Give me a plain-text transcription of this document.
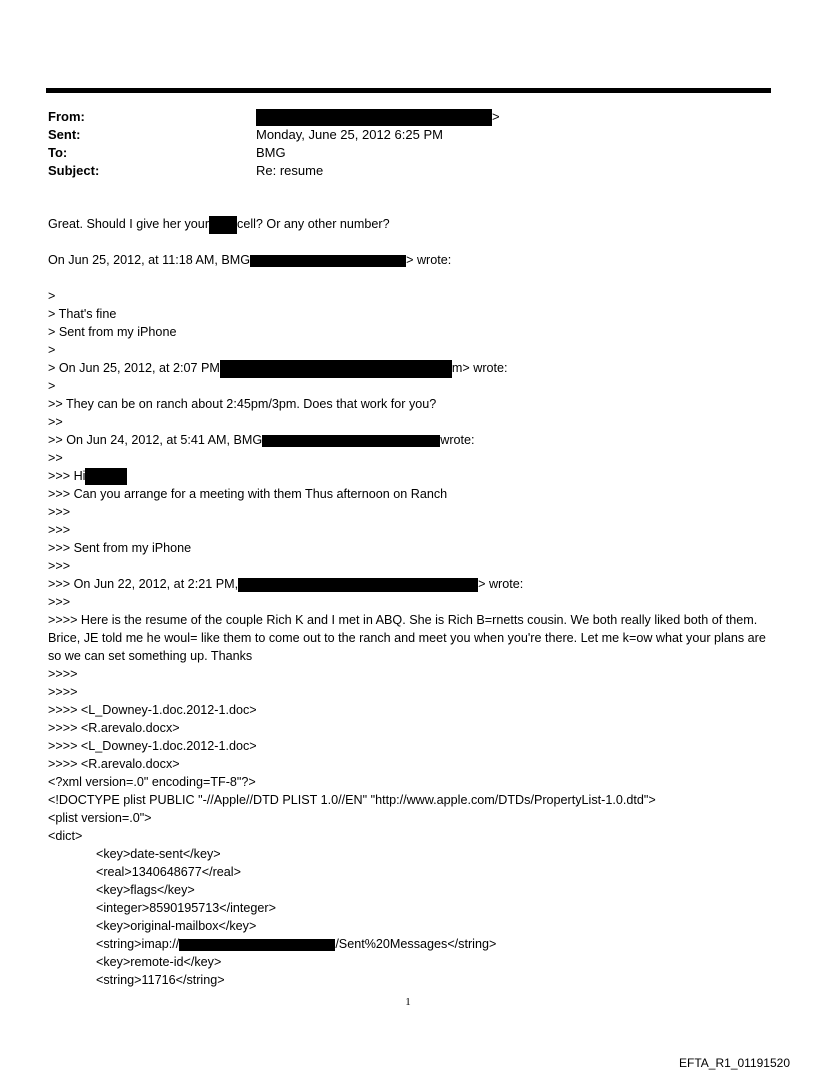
From:	>
Sent:	Monday, June 25, 2012 6:25 PM
To:	BMG
Subject:	Re: resume
Great. Should I give her your cell? Or any other number?
On Jun 25, 2012, at 11:18 AM, BMG	> wrote:
>
> That's fine
> Sent from my iPhone
>
> On Jun 25, 2012, at 2:07 PM	m> wrote:
>
>> They can be on ranch about 2:45pm/3pm. Does that work for you?
>>
>> On Jun 24, 2012, at 5:41 AM, BMG	wrote:
>>
>>> Hi
>>> Can you arrange for a meeting with them Thus afternoon on Ranch
>>>
>>>
>>> Sent from my iPhone
>>>
>>> On Jun 22, 2012, at 2:21 PM,	> wrote:
>>>
>>>> Here is the resume of the couple Rich K and I met in ABQ. She is Rich B=rnetts cousin. We both really liked both of them. Brice, JE told me he woul= like them to come out to the ranch and meet you when you're there. Let me k=ow what your plans are so we can set something up. Thanks
>>>>
>>>>
>>>> <L_Downey-1.doc.2012-1.doc>
>>>> <R.arevalo.docx>
>>>> <L_Downey-1.doc.2012-1.doc>
>>>> <R.arevalo.docx>
<?xml version=.0" encoding=TF-8"?>
<!DOCTYPE plist PUBLIC "-//Apple//DTD PLIST 1.0//EN" "http://www.apple.com/DTDs/PropertyList-1.0.dtd">
<plist version=.0">
<dict>
<key>date-sent</key>
<real>1340648677</real>
<key>flags</key>
<integer>8590195713</integer>
<key>original-mailbox</key>
<string>imap://	/Sent%20Messages</string>
<key>remote-id</key>
<string>11716</string>
1
EFTA_R1_01191520
